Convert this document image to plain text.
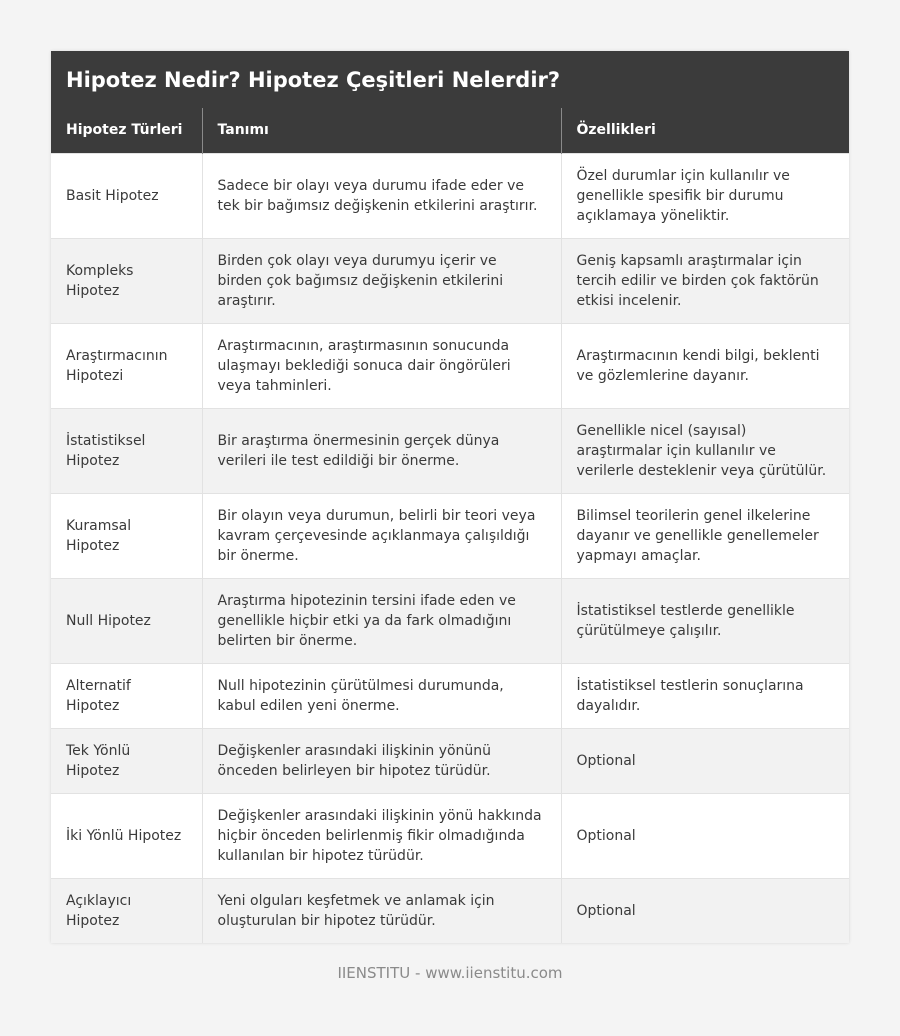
Hipotez Nedir? Hipotez Çeşitleri Nelerdir?
Hipotez Türleri	Tanımı	Özellikleri
Basit Hipotez	Sadece bir olayı veya durumu ifade eder ve tek bir bağımsız değişkenin etkilerini araştırır.	Özel durumlar için kullanılır ve genellikle spesifik bir durumu açıklamaya yöneliktir.
Kompleks Hipotez	Birden çok olayı veya durumyu içerir ve birden çok bağımsız değişkenin etkilerini araştırır.	Geniş kapsamlı araştırmalar için tercih edilir ve birden çok faktörün etkisi incelenir.
Araştırmacının Hipotezi	Araştırmacının, araştırmasının sonucunda ulaşmayı beklediği sonuca dair öngörüleri veya tahminleri.	Araştırmacının kendi bilgi, beklenti ve gözlemlerine dayanır.
İstatistiksel Hipotez	Bir araştırma önermesinin gerçek dünya verileri ile test edildiği bir önerme.	Genellikle nicel (sayısal) araştırmalar için kullanılır ve verilerle desteklenir veya çürütülür.
Kuramsal Hipotez	Bir olayın veya durumun, belirli bir teori veya kavram çerçevesinde açıklanmaya çalışıldığı bir önerme.	Bilimsel teorilerin genel ilkelerine dayanır ve genellikle genellemeler yapmayı amaçlar.
Null Hipotez	Araştırma hipotezinin tersini ifade eden ve genellikle hiçbir etki ya da fark olmadığını belirten bir önerme.	İstatistiksel testlerde genellikle çürütülmeye çalışılır.
Alternatif Hipotez	Null hipotezinin çürütülmesi durumunda, kabul edilen yeni önerme.	İstatistiksel testlerin sonuçlarına dayalıdır.
Tek Yönlü Hipotez	Değişkenler arasındaki ilişkinin yönünü önceden belirleyen bir hipotez türüdür.	Optional
İki Yönlü Hipotez	Değişkenler arasındaki ilişkinin yönü hakkında hiçbir önceden belirlenmiş fikir olmadığında kullanılan bir hipotez türüdür.	Optional
Açıklayıcı Hipotez	Yeni olguları keşfetmek ve anlamak için oluşturulan bir hipotez türüdür.	Optional
IIENSTITU - www.iienstitu.com
